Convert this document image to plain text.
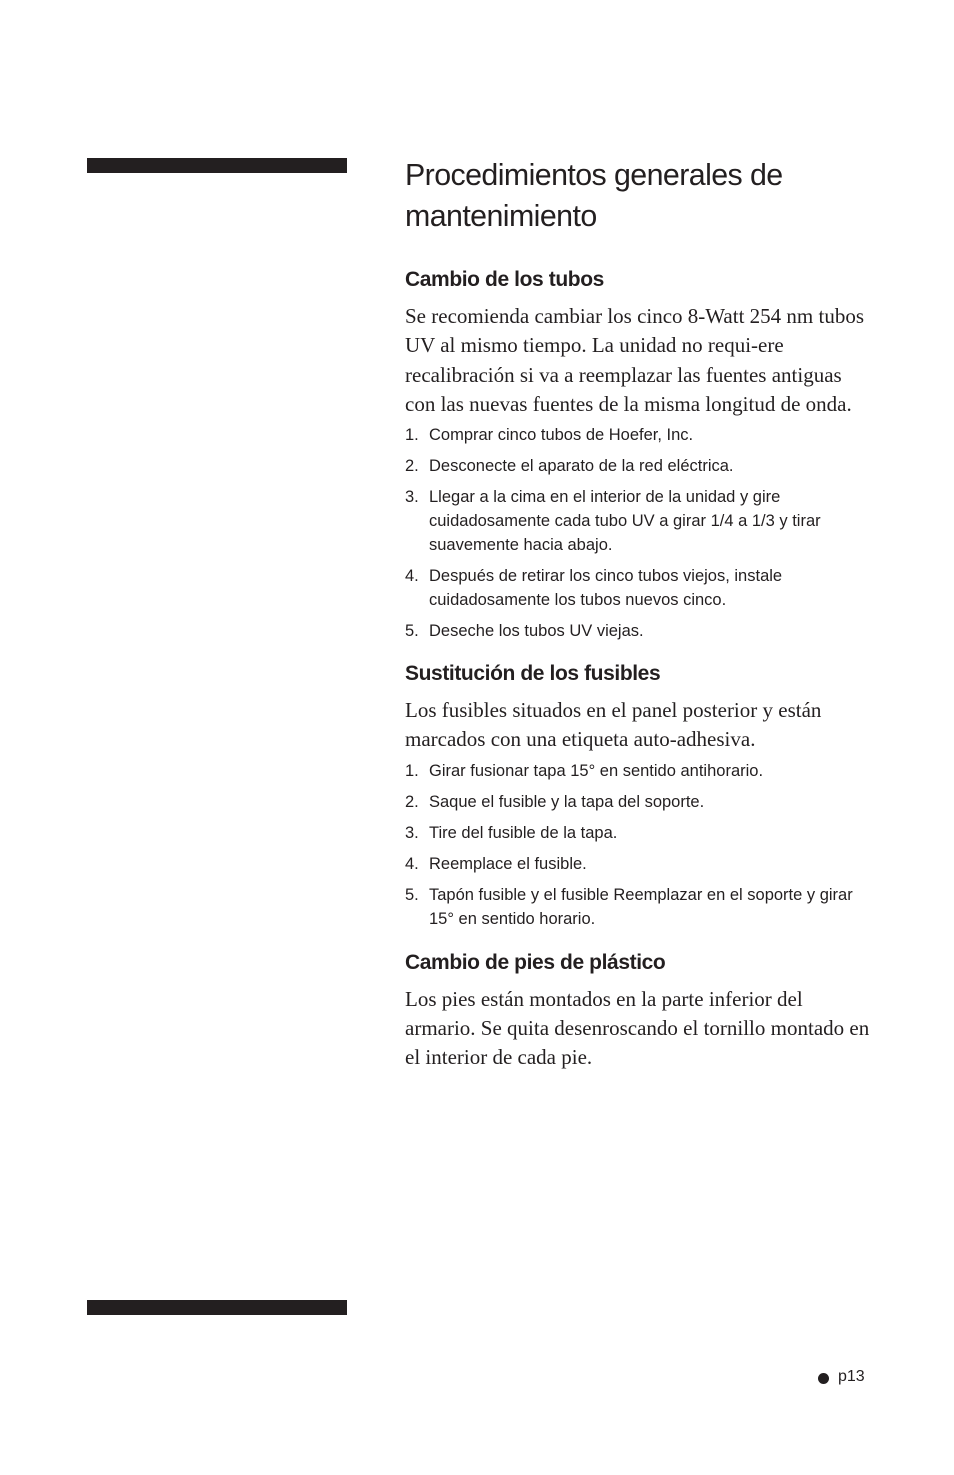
Procedimientos generales de mantenimiento
Cambio de los tubos

Se recomienda cambiar los cinco 8-Watt 254 nm tubos UV al mismo tiempo. La unidad no requi-ere recalibración si va a reemplazar las fuentes antiguas con las nuevas fuentes de la misma longitud de onda.

1. Comprar cinco tubos de Hoefer, Inc.
2. Desconecte el aparato de la red eléctrica.
3. Llegar a la cima en el interior de la unidad y gire cuidadosamente cada tubo UV a girar 1/4 a 1/3 y tirar suavemente hacia abajo.
4. Después de retirar los cinco tubos viejos, instale cuidadosamente los tubos nuevos cinco.
5. Deseche los tubos UV viejas.
Sustitución de los fusibles

Los fusibles situados en el panel posterior y están marcados con una etiqueta auto-adhesiva.

1. Girar fusionar tapa 15° en sentido antihorario.
2. Saque el fusible y la tapa del soporte.
3. Tire del fusible de la tapa.
4. Reemplace el fusible.
5. Tapón fusible y el fusible Reemplazar en el soporte y girar 15° en sentido horario.
Cambio de pies de plástico

Los pies están montados en la parte inferior del armario. Se quita desenroscando el tornillo montado en el interior de cada pie.

p13
